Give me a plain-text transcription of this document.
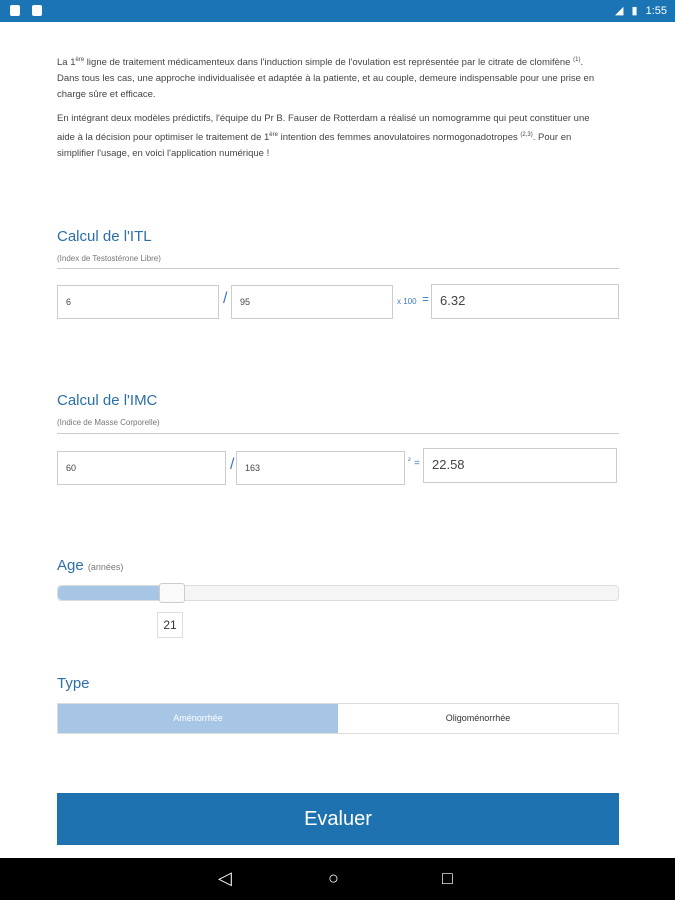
◢ ▮ 1:55

La 1ère ligne de traitement médicamenteux dans l'induction simple de l'ovulation est représentée par le citrate de clomifène $^{(1)}$. Dans tous les cas, une approche individualisée et adaptée à la patiente, et au couple, demeure indispensable pour une prise en charge sûre et efficace.

En intégrant deux modèles prédictifs, l'équipe du Pr B. Fauser de Rotterdam a réalisé un nomogramme qui peut constituer une aide à la décision pour optimiser le traitement de 1ère intention des femmes anovulatoires normogonadotropes $^{(2,3)}$. Pour en simplifier l'usage, en voici l'application numérique !

Calcul de l'ITL
(Index de Testostérone Libre)
6	/	95	x 100 = 6.32
Calcul de l'IMC
(Indice de Masse Corporelle)
60	/	163
² = 22.58
Age (années)
21
Type
Aménorrhée	Oligoménorrhée
Evaluer
◁	○	□
